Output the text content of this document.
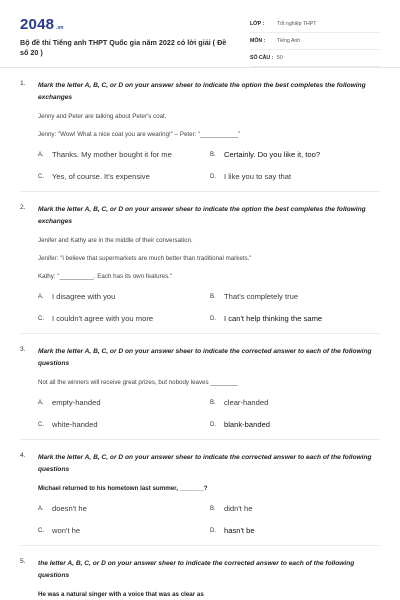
2048 .vn
Bộ đề thi Tiếng anh THPT Quốc gia năm 2022 có lời giải ( Đề số 20 )
LỚP :	Tốt nghiệp THPT
MÔN :	Tiếng Anh
SỐ CÂU : 50
1.	Mark the letter A, B, C, or D on your answer sheer to indicate the option the best completes the following exchanges
Jenny and Peter are talking about Peter's coat.
Jenny: "Wow! What a nice coat you are wearing!" – Peter: "___________"
A.	Thanks. My mother bought it for me	B.	Certainly. Do you like it, too?
C.	Yes, of course. It's expensive	D.	I like you to say that
2.	Mark the letter A, B, C, or D on your answer sheer to indicate the option the best completes the following exchanges
Jenifer and Kathy are in the middle of their conversation.
Jenifer: "I believe that supermarkets are much better than traditional markets."
Kathy: "__________. Each has its own features."
A.	I disagree with you	B.	That's completely true
C.	I couldn't agree with you more	D.	I can't help thinking the same
3.	Mark the letter A, B, C, or D on your answer sheer to indicate the corrected answer to each of the following questions
Not all the winners will receive great prizes, but nobody leaves ________
A.	empty-handed	B.	clear-handed
C.	white-handed	D.	blank-banded
4.	Mark the letter A, B, C, or D on your answer sheer to indicate the corrected answer to each of the following questions
Michael returned to his hometown last summer, _______?
A.	doesn't he	B.	didn't he
C.	won't he	D.	hasn't be
5.	the letter A, B, C, or D on your answer sheer to indicate the corrected answer to each of the following questions
He was a natural singer with a voice that was as clear as
